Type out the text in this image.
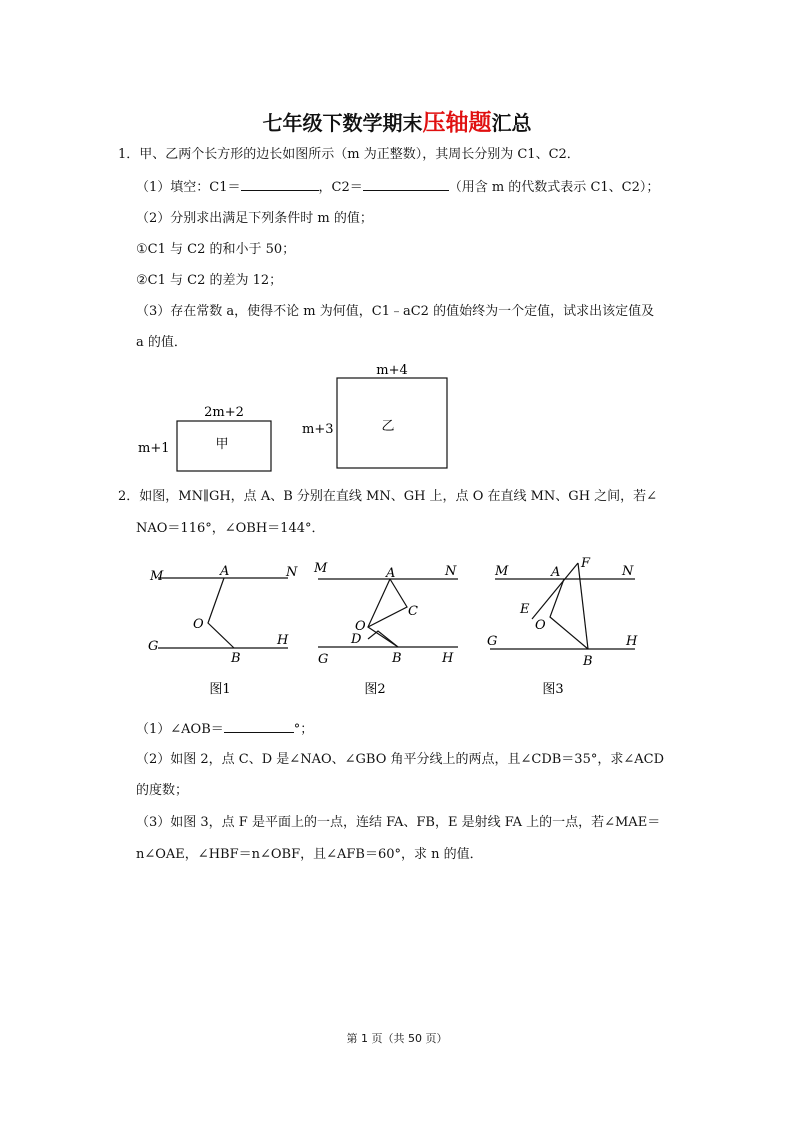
七年级下数学期末压轴题汇总
1．甲、乙两个长方形的边长如图所示（m 为正整数），其周长分别为 C1、C2．
（1）填空：C1＝	，C2＝	（用含 m 的代数式表示 C1、C2）；
（2）分别求出满足下列条件时 m 的值；
①C1 与 C2 的和小于 50；
②C1 与 C2 的差为 12；
（3）存在常数 a，使得不论 m 为何值，C1﹣aC2 的值始终为一个定值，试求出该定值及
a 的值．
2m+2
m+1	甲
m+4
m+3	乙
2．如图，MN∥GH，点 A、B 分别在直线 MN、GH 上，点 O 在直线 MN、GH 之间，若∠
NAO＝116°，∠OBH＝144°．
M	A	N
O
G	H
B
图1
M	A	N
C
O
D
G	B	H
图2
M	A
F
N
E
O
G	H
B
图3
（1）∠AOB＝	°；
（2）如图 2，点 C、D 是∠NAO、∠GBO 角平分线上的两点，且∠CDB＝35°，求∠ACD
的度数；
（3）如图 3，点 F 是平面上的一点，连结 FA、FB，E 是射线 FA 上的一点，若∠MAE＝
n∠OAE，∠HBF＝n∠OBF，且∠AFB＝60°，求 n 的值．
第 1 页（共 50 页）
